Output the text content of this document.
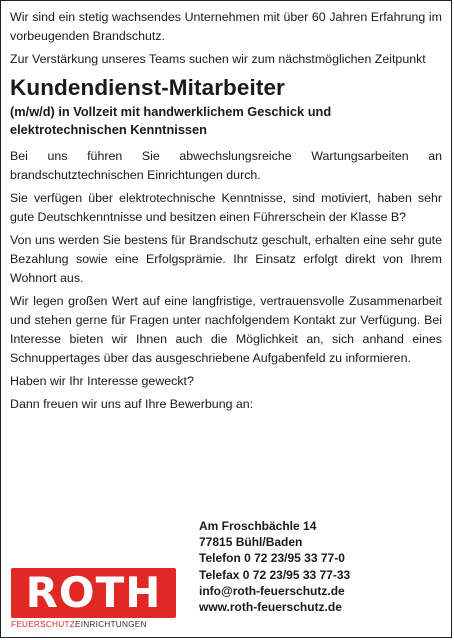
Wir sind ein stetig wachsendes Unternehmen mit über 60 Jahren Erfahrung im vorbeugenden Brandschutz.

Zur Verstärkung unseres Teams suchen wir zum nächstmöglichen Zeitpunkt

Kundendienst-Mitarbeiter

(m/w/d) in Vollzeit mit handwerklichem Geschick und elektrotechnischen Kenntnissen

Bei uns führen Sie abwechslungsreiche Wartungsarbeiten an brandschutztechnischen Einrichtungen durch.

Sie verfügen über elektrotechnische Kenntnisse, sind motiviert, haben sehr gute Deutschkenntnisse und besitzen einen Führerschein der Klasse B?

Von uns werden Sie bestens für Brandschutz geschult, erhalten eine sehr gute Bezahlung sowie eine Erfolgsprämie. Ihr Einsatz erfolgt direkt von Ihrem Wohnort aus.

Wir legen großen Wert auf eine langfristige, vertrauensvolle Zusammenarbeit und stehen gerne für Fragen unter nachfolgendem Kontakt zur Verfügung. Bei Interesse bieten wir Ihnen auch die Möglichkeit an, sich anhand eines Schnuppertages über das ausgeschriebene Aufgabenfeld zu informieren.

Haben wir Ihr Interesse geweckt?

Dann freuen wir uns auf Ihre Bewerbung an:

ROTH
FEUERSCHUTZEINRICHTUNGEN
Am Froschbächle 14
77815 Bühl/Baden
Telefon 0 72 23/95 33 77-0
Telefax 0 72 23/95 33 77-33
info@roth-feuerschutz.de
www.roth-feuerschutz.de
